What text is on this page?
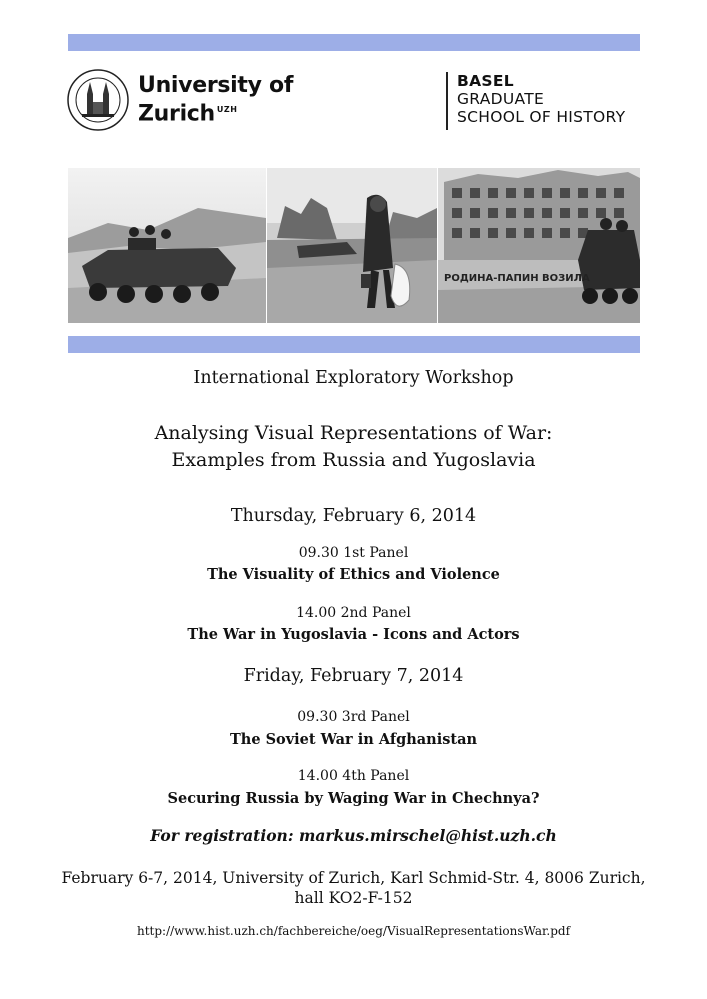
University of
Zurich $^{UZH}$
BASEL
GRADUATE
SCHOOL OF HISTORY
РОДИНА-ПАПИН ВОЗИЛА
International Exploratory Workshop
Analysing Visual Representations of War:
Examples from Russia and Yugoslavia
Thursday, February 6, 2014
09.30 1st Panel
The Visuality of Ethics and Violence
14.00 2nd Panel
The War in Yugoslavia - Icons and Actors
Friday, February 7, 2014
09.30 3rd Panel
The Soviet War in Afghanistan
14.00 4th Panel
Securing Russia by Waging War in Chechnya?
For registration: markus.mirschel@hist.uzh.ch
February 6-7, 2014, University of Zurich, Karl Schmid-Str. 4, 8006 Zurich,
hall KO2-F-152
http://www.hist.uzh.ch/fachbereiche/oeg/VisualRepresentationsWar.pdf
